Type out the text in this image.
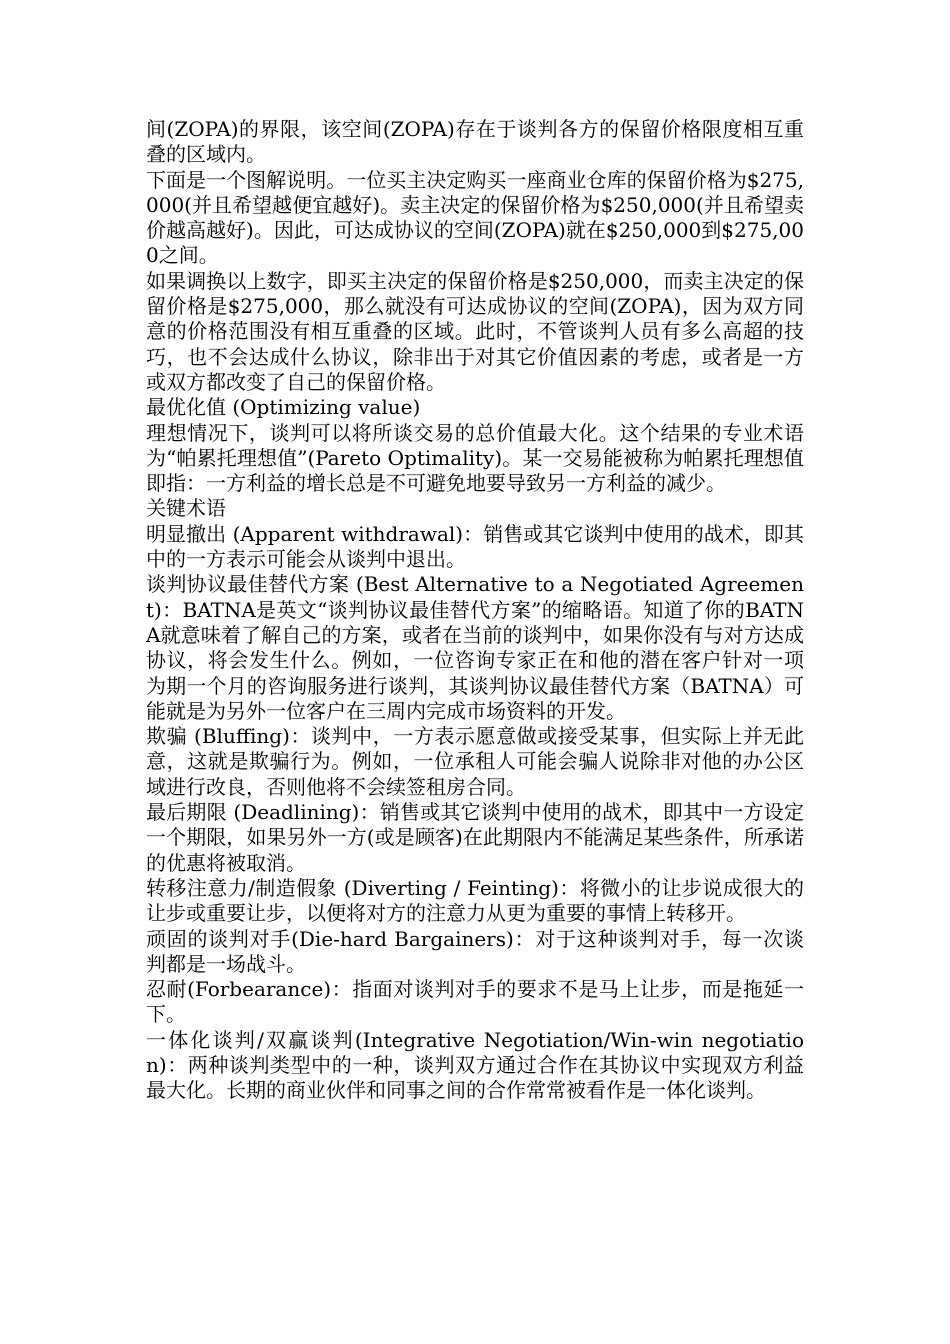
间(ZOPA)的界限，该空间(ZOPA)存在于谈判各方的保留价格限度相互重叠的区域内。

下面是一个图解说明。一位买主决定购买一座商业仓库的保留价格为$275,000(并且希望越便宜越好)。卖主决定的保留价格为$250,000(并且希望卖价越高越好)。因此，可达成协议的空间(ZOPA)就在$250,000到$275,000之间。

如果调换以上数字，即买主决定的保留价格是$250,000，而卖主决定的保留价格是$275,000，那么就没有可达成协议的空间(ZOPA)，因为双方同意的价格范围没有相互重叠的区域。此时，不管谈判人员有多么高超的技巧，也不会达成什么协议，除非出于对其它价值因素的考虑，或者是一方或双方都改变了自己的保留价格。

最优化值 (Optimizing value)

理想情况下，谈判可以将所谈交易的总价值最大化。这个结果的专业术语为“帕累托理想值”(Pareto Optimality)。某一交易能被称为帕累托理想值即指：一方利益的增长总是不可避免地要导致另一方利益的减少。

关键术语

明显撤出 (Apparent withdrawal)：销售或其它谈判中使用的战术，即其中的一方表示可能会从谈判中退出。

谈判协议最佳替代方案 (Best Alternative to a Negotiated Agreement)：BATNA是英文“谈判协议最佳替代方案”的缩略语。知道了你的BATNA就意味着了解自己的方案，或者在当前的谈判中，如果你没有与对方达成协议，将会发生什么。例如，一位咨询专家正在和他的潜在客户针对一项为期一个月的咨询服务进行谈判，其谈判协议最佳替代方案（BATNA）可能就是为另外一位客户在三周内完成市场资料的开发。

欺骗 (Bluffing)：谈判中，一方表示愿意做或接受某事，但实际上并无此意，这就是欺骗行为。例如，一位承租人可能会骗人说除非对他的办公区域进行改良，否则他将不会续签租房合同。

最后期限 (Deadlining)：销售或其它谈判中使用的战术，即其中一方设定一个期限，如果另外一方(或是顾客)在此期限内不能满足某些条件，所承诺的优惠将被取消。

转移注意力/制造假象 (Diverting / Feinting)：将微小的让步说成很大的让步或重要让步，以便将对方的注意力从更为重要的事情上转移开。

顽固的谈判对手(Die-hard Bargainers)：对于这种谈判对手，每一次谈判都是一场战斗。

忍耐(Forbearance)：指面对谈判对手的要求不是马上让步，而是拖延一下。

一体化谈判/双赢谈判(Integrative Negotiation/Win-win negotiation)：两种谈判类型中的一种，谈判双方通过合作在其协议中实现双方利益最大化。长期的商业伙伴和同事之间的合作常常被看作是一体化谈判。
